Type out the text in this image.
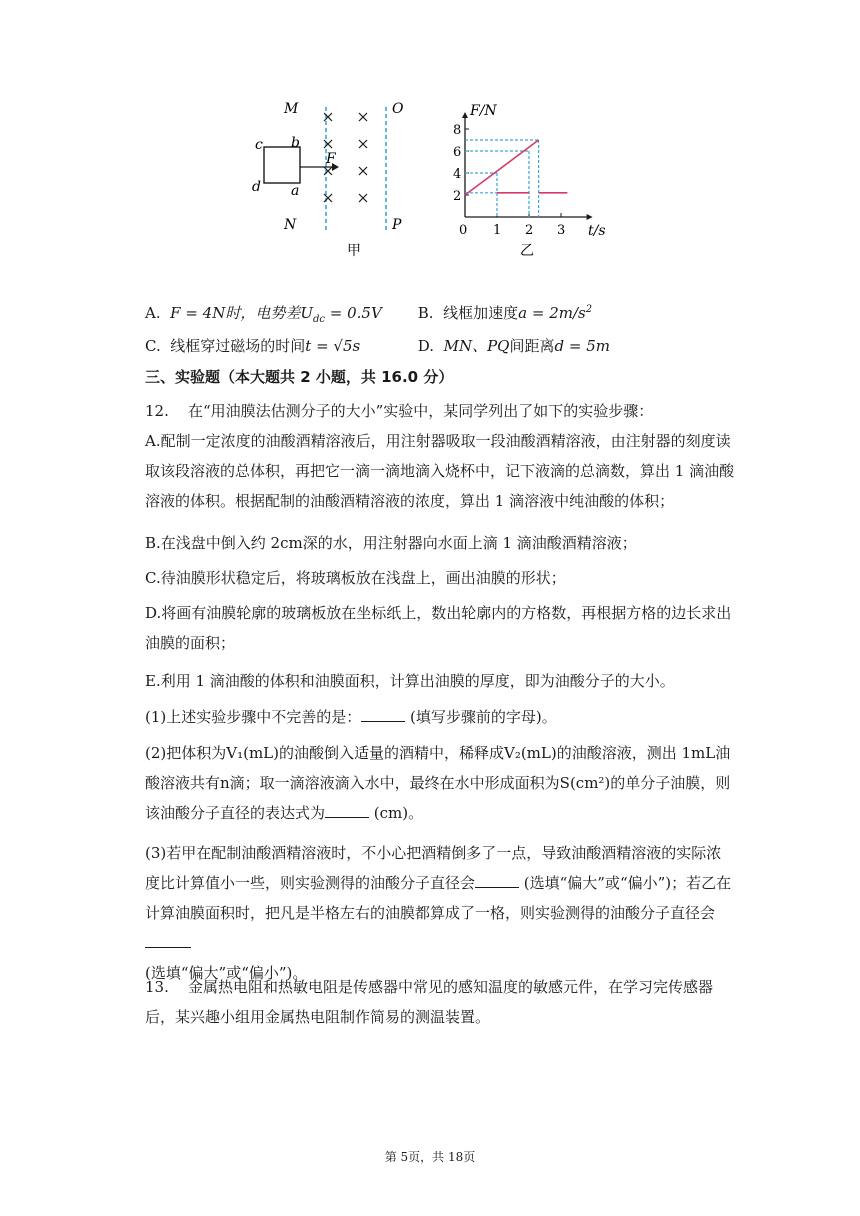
M	O
N	P
c b
d a
F
甲
2
4
6
8
0 1 2 3
F/N
t/s
乙
A. F = 4N时，电势差$U_{dc} = 0.5V$ B. 线框加速度$a = 2m/s^2$
C. 线框穿过磁场的时间t = √5s	D. MN、PQ间距离d = 5m
三、实验题（本大题共 2 小题，共 16.0 分）
12. 在“用油膜法估测分子的大小”实验中，某同学列出了如下的实验步骤：
A.配制一定浓度的油酸酒精溶液后，用注射器吸取一段油酸酒精溶液，由注射器的刻度读取该段溶液的总体积，再把它一滴一滴地滴入烧杯中，记下液滴的总滴数，算出 1 滴油酸溶液的体积。根据配制的油酸酒精溶液的浓度，算出 1 滴溶液中纯油酸的体积；
B.在浅盘中倒入约 2cm深的水，用注射器向水面上滴 1 滴油酸酒精溶液；
C.待油膜形状稳定后，将玻璃板放在浅盘上，画出油膜的形状；
D.将画有油膜轮廓的玻璃板放在坐标纸上，数出轮廓内的方格数，再根据方格的边长求出油膜的面积；
E.利用 1 滴油酸的体积和油膜面积，计算出油膜的厚度，即为油酸分子的大小。
(1)上述实验步骤中不完善的是：	(填写步骤前的字母)。
(2)把体积为V₁(mL)的油酸倒入适量的酒精中，稀释成V₂(mL)的油酸溶液，测出 1mL油酸溶液共有n滴；取一滴溶液滴入水中，最终在水中形成面积为S(cm²)的单分子油膜，则该油酸分子直径的表达式为	(cm)。
(3)若甲在配制油酸酒精溶液时，不小心把酒精倒多了一点，导致油酸酒精溶液的实际浓度比计算值小一些，则实验测得的油酸分子直径会	(选填“偏大”或“偏小”)；若乙在计算油膜面积时，把凡是半格左右的油膜都算成了一格，则实验测得的油酸分子直径会
(选填“偏大”或“偏小”)。
13. 金属热电阻和热敏电阻是传感器中常见的感知温度的敏感元件，在学习完传感器后，某兴趣小组用金属热电阻制作简易的测温装置。
第 5页，共 18页
